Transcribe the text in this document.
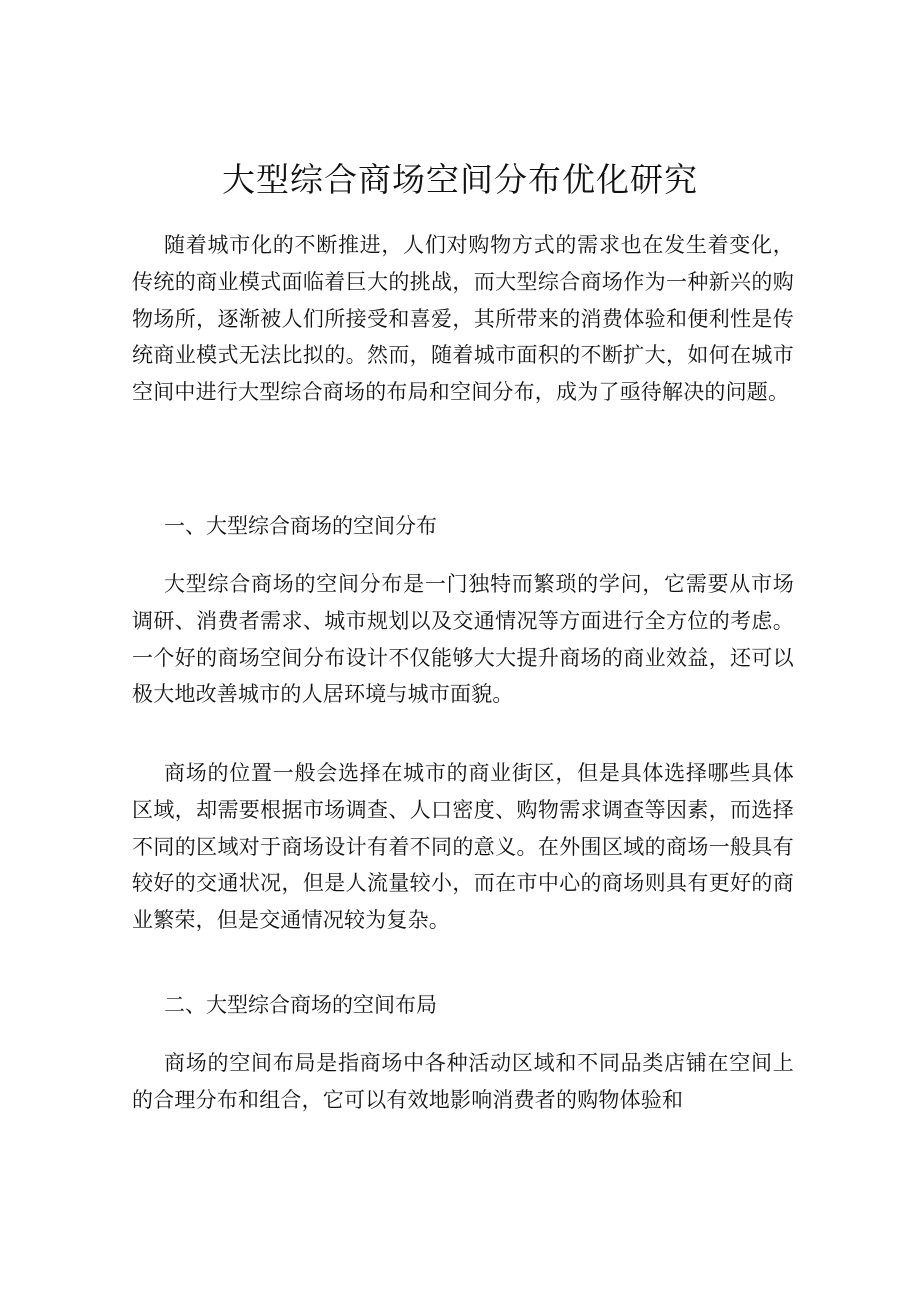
大型综合商场空间分布优化研究

随着城市化的不断推进，人们对购物方式的需求也在发生着变化，传统的商业模式面临着巨大的挑战，而大型综合商场作为一种新兴的购物场所，逐渐被人们所接受和喜爱，其所带来的消费体验和便利性是传统商业模式无法比拟的。然而，随着城市面积的不断扩大，如何在城市空间中进行大型综合商场的布局和空间分布，成为了亟待解决的问题。

一、大型综合商场的空间分布

大型综合商场的空间分布是一门独特而繁琐的学问，它需要从市场调研、消费者需求、城市规划以及交通情况等方面进行全方位的考虑。一个好的商场空间分布设计不仅能够大大提升商场的商业效益，还可以极大地改善城市的人居环境与城市面貌。

商场的位置一般会选择在城市的商业街区，但是具体选择哪些具体区域，却需要根据市场调查、人口密度、购物需求调查等因素，而选择不同的区域对于商场设计有着不同的意义。在外围区域的商场一般具有较好的交通状况，但是人流量较小，而在市中心的商场则具有更好的商业繁荣，但是交通情况较为复杂。

二、大型综合商场的空间布局

商场的空间布局是指商场中各种活动区域和不同品类店铺在空间上的合理分布和组合，它可以有效地影响消费者的购物体验和
